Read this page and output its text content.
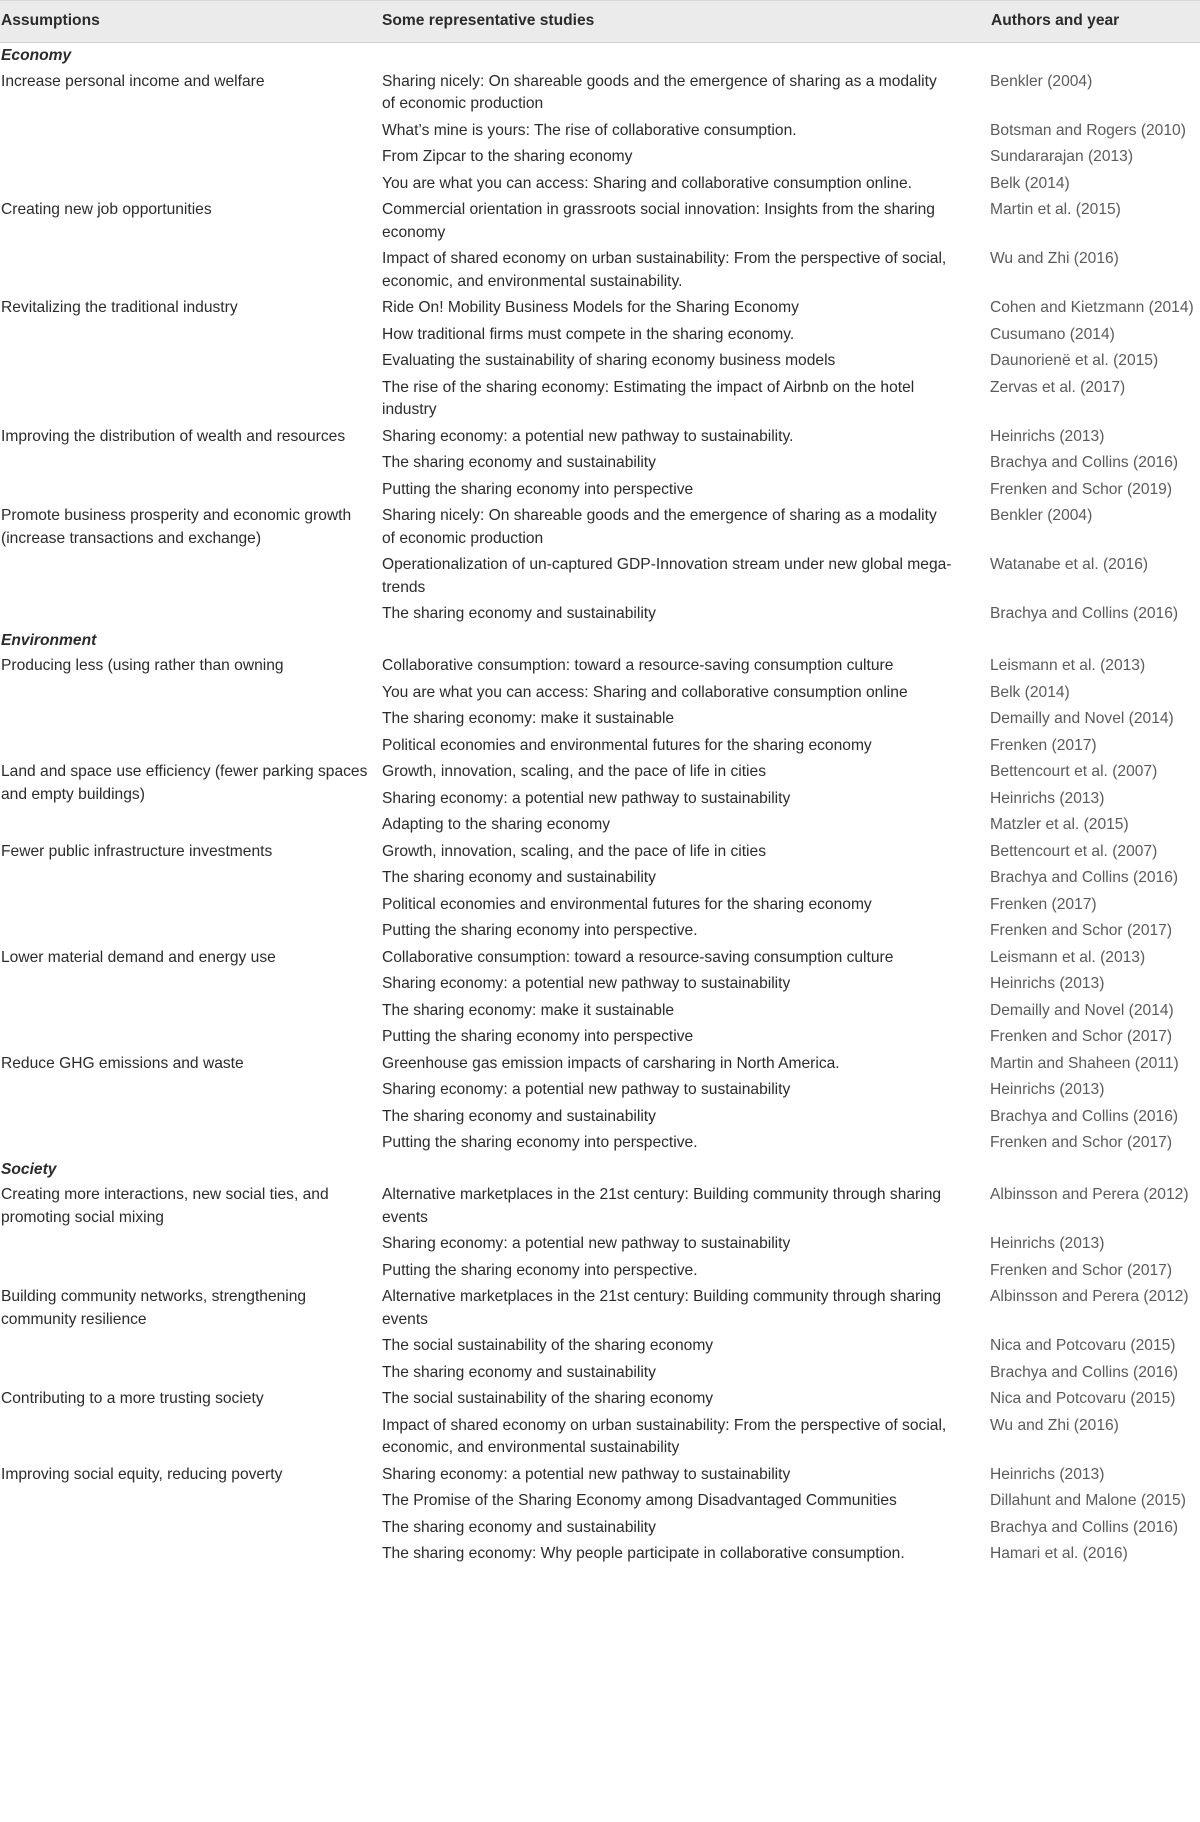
Assumptions	Some representative studies	Authors and year
Economy		
Increase personal income and welfare	Sharing nicely: On shareable goods and the emergence of sharing as a modality of economic production	Benkler (2004)
	What’s mine is yours: The rise of collaborative consumption.	Botsman and Rogers (2010)
	From Zipcar to the sharing economy	Sundararajan (2013)
	You are what you can access: Sharing and collaborative consumption online.	Belk (2014)
Creating new job opportunities	Commercial orientation in grassroots social innovation: Insights from the sharing economy	Martin et al. (2015)
	Impact of shared economy on urban sustainability: From the perspective of social, economic, and environmental sustainability.	Wu and Zhi (2016)
Revitalizing the traditional industry	Ride On! Mobility Business Models for the Sharing Economy	Cohen and Kietzmann (2014)
	How traditional firms must compete in the sharing economy.	Cusumano (2014)
	Evaluating the sustainability of sharing economy business models	Daunorienë et al. (2015)
	The rise of the sharing economy: Estimating the impact of Airbnb on the hotel industry	Zervas et al. (2017)
Improving the distribution of wealth and resources	Sharing economy: a potential new pathway to sustainability.	Heinrichs (2013)
	The sharing economy and sustainability	Brachya and Collins (2016)
	Putting the sharing economy into perspective	Frenken and Schor (2019)
Promote business prosperity and economic growth (increase transactions and exchange)	Sharing nicely: On shareable goods and the emergence of sharing as a modality of economic production	Benkler (2004)
	Operationalization of un-captured GDP-Innovation stream under new global mega-trends	Watanabe et al. (2016)
	The sharing economy and sustainability	Brachya and Collins (2016)
Environment		
Producing less (using rather than owning	Collaborative consumption: toward a resource-saving consumption culture	Leismann et al. (2013)
	You are what you can access: Sharing and collaborative consumption online	Belk (2014)
	The sharing economy: make it sustainable	Demailly and Novel (2014)
	Political economies and environmental futures for the sharing economy	Frenken (2017)
Land and space use efficiency (fewer parking spaces and empty buildings)	Growth, innovation, scaling, and the pace of life in cities	Bettencourt et al. (2007)
	Sharing economy: a potential new pathway to sustainability	Heinrichs (2013)
	Adapting to the sharing economy	Matzler et al. (2015)
Fewer public infrastructure investments	Growth, innovation, scaling, and the pace of life in cities	Bettencourt et al. (2007)
	The sharing economy and sustainability	Brachya and Collins (2016)
	Political economies and environmental futures for the sharing economy	Frenken (2017)
	Putting the sharing economy into perspective.	Frenken and Schor (2017)
Lower material demand and energy use	Collaborative consumption: toward a resource-saving consumption culture	Leismann et al. (2013)
	Sharing economy: a potential new pathway to sustainability	Heinrichs (2013)
	The sharing economy: make it sustainable	Demailly and Novel (2014)
	Putting the sharing economy into perspective	Frenken and Schor (2017)
Reduce GHG emissions and waste	Greenhouse gas emission impacts of carsharing in North America.	Martin and Shaheen (2011)
	Sharing economy: a potential new pathway to sustainability	Heinrichs (2013)
	The sharing economy and sustainability	Brachya and Collins (2016)
	Putting the sharing economy into perspective.	Frenken and Schor (2017)
Society		
Creating more interactions, new social ties, and promoting social mixing	Alternative marketplaces in the 21st century: Building community through sharing events	Albinsson and Perera (2012)
	Sharing economy: a potential new pathway to sustainability	Heinrichs (2013)
	Putting the sharing economy into perspective.	Frenken and Schor (2017)
Building community networks, strengthening community resilience	Alternative marketplaces in the 21st century: Building community through sharing events	Albinsson and Perera (2012)
	The social sustainability of the sharing economy	Nica and Potcovaru (2015)
	The sharing economy and sustainability	Brachya and Collins (2016)
Contributing to a more trusting society	The social sustainability of the sharing economy	Nica and Potcovaru (2015)
	Impact of shared economy on urban sustainability: From the perspective of social, economic, and environmental sustainability	Wu and Zhi (2016)
Improving social equity, reducing poverty	Sharing economy: a potential new pathway to sustainability	Heinrichs (2013)
	The Promise of the Sharing Economy among Disadvantaged Communities	Dillahunt and Malone (2015)
	The sharing economy and sustainability	Brachya and Collins (2016)
	The sharing economy: Why people participate in collaborative consumption.	Hamari et al. (2016)
